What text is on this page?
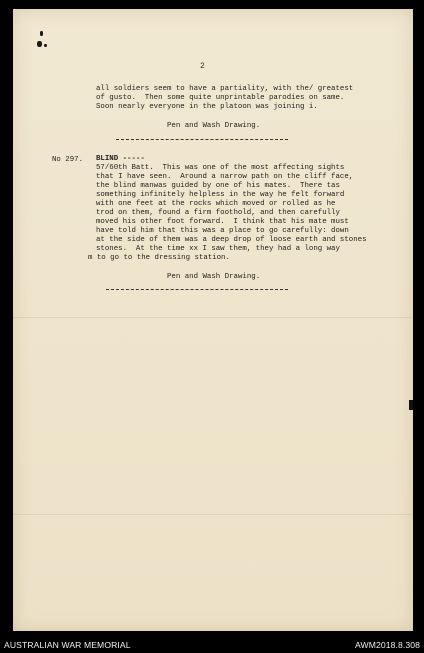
2
all soldiers seem to have a partiality, with the/ greatest
of gusto.  Then some quite unprintable parodies on same.
Soon nearly everyone in the platoon was joining i.
Pen and Wash Drawing.
No 297. BLIND -----
57/60th Batt.  This was one of the most affecting sights
that I have seen.  Around a narrow path on the cliff face,
the blind manwas guided by one of his mates.  There tas
something infinitely helpless in the way he felt forward
with one feet at the rocks which moved or rolled as he
trod on them, found a firm foothold, and then carefully
moved his other foot forward.  I think that his mate must
have told him that this was a place to go carefully: down
at the side of them was a deep drop of loose earth and stones
stones.  At the time xx I saw them, they had a long way
m to go to the dressing station.
Pen and Wash Drawing.
AUSTRALIAN WAR MEMORIAL	AWM2018.8.308
